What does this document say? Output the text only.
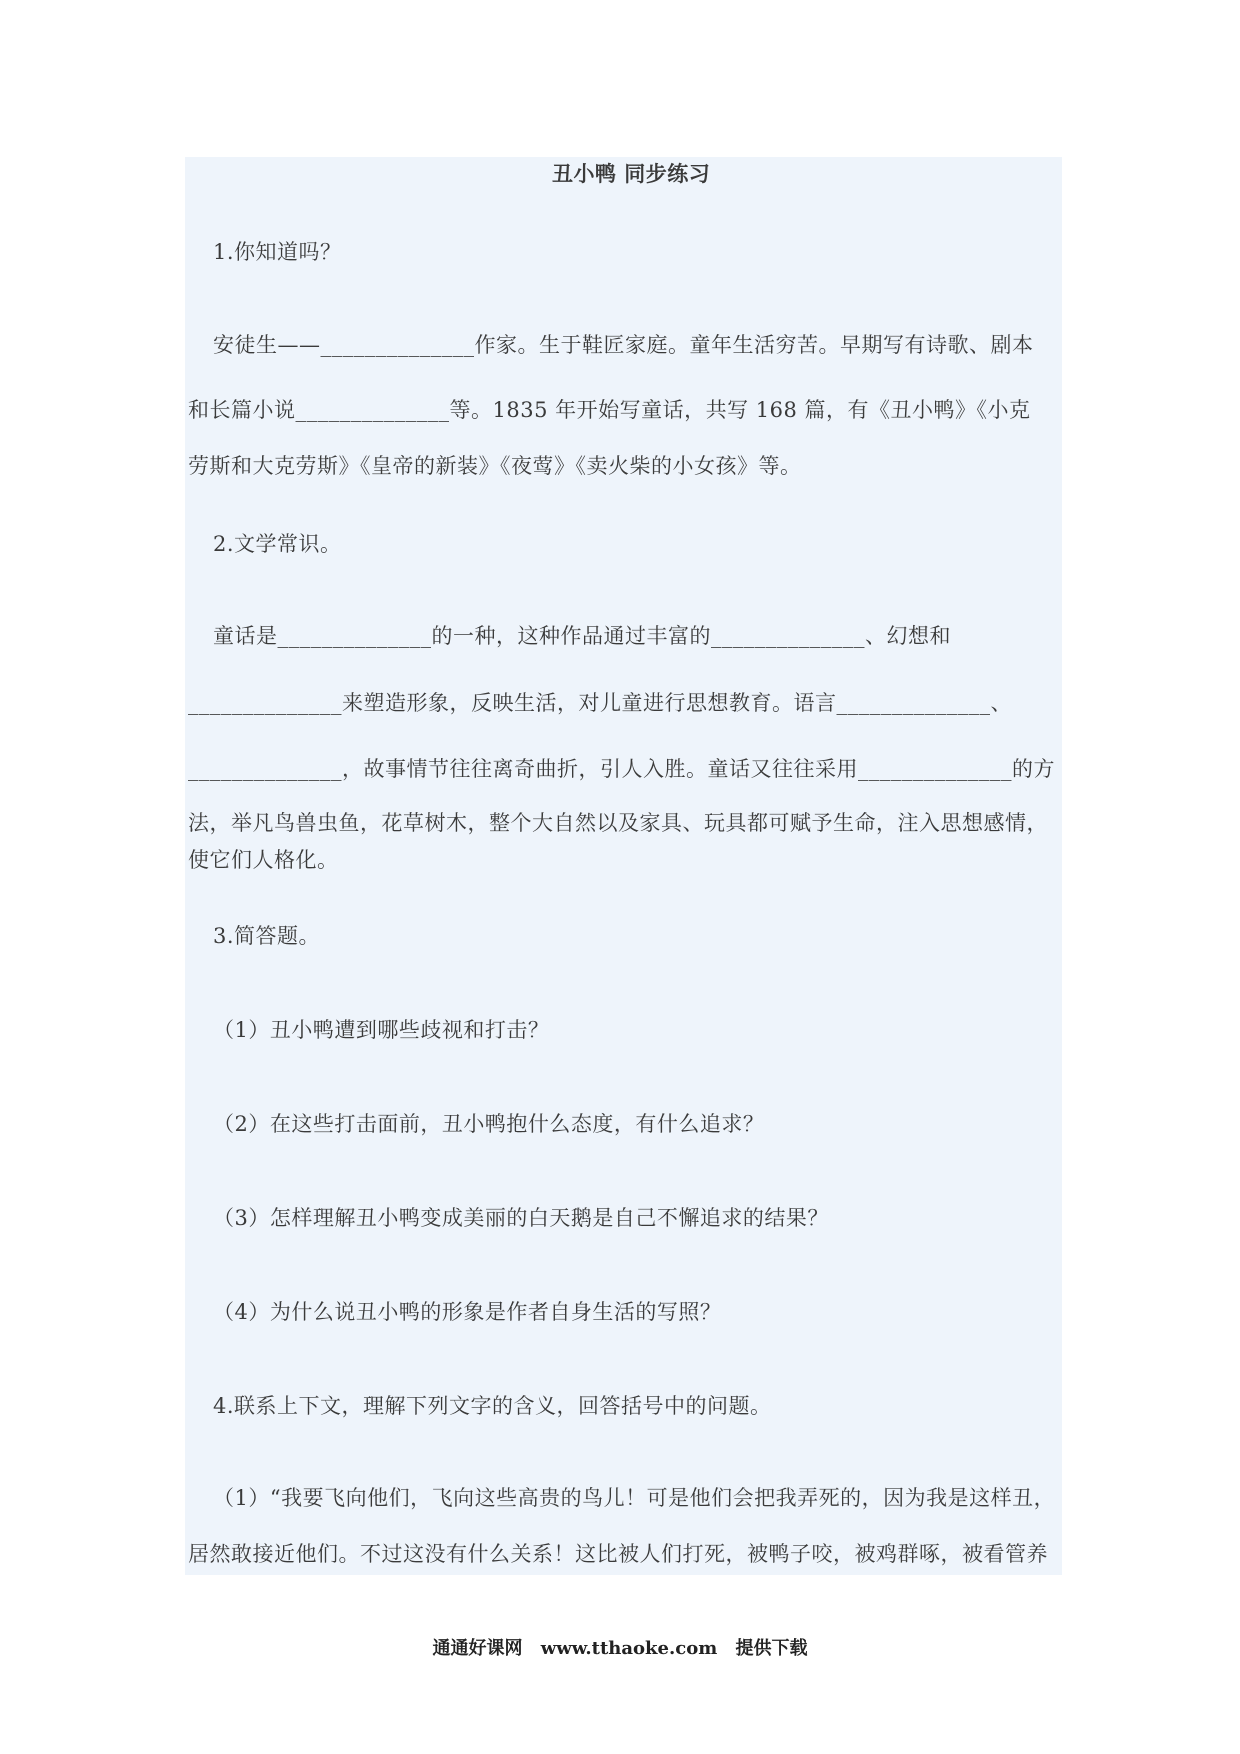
丑小鸭 同步练习

1.你知道吗？

安徒生——______________作家。生于鞋匠家庭。童年生活穷苦。早期写有诗歌、剧本

和长篇小说______________等。1835 年开始写童话，共写 168 篇，有《丑小鸭》《小克

劳斯和大克劳斯》《皇帝的新装》《夜莺》《卖火柴的小女孩》等。

2.文学常识。

童话是______________的一种，这种作品通过丰富的______________、幻想和

______________来塑造形象，反映生活，对儿童进行思想教育。语言______________、

______________，故事情节往往离奇曲折，引人入胜。童话又往往采用______________的方

法，举凡鸟兽虫鱼，花草树木，整个大自然以及家具、玩具都可赋予生命，注入思想感情，

使它们人格化。

3.简答题。

（1）丑小鸭遭到哪些歧视和打击？

（2）在这些打击面前，丑小鸭抱什么态度，有什么追求？

（3）怎样理解丑小鸭变成美丽的白天鹅是自己不懈追求的结果？

（4）为什么说丑小鸭的形象是作者自身生活的写照？

4.联系上下文，理解下列文字的含义，回答括号中的问题。

（1）“我要飞向他们，飞向这些高贵的鸟儿！可是他们会把我弄死的，因为我是这样丑，

居然敢接近他们。不过这没有什么关系！这比被人们打死，被鸭子咬，被鸡群啄，被看管养

通通好课网 www.tthaoke.com 提供下载
